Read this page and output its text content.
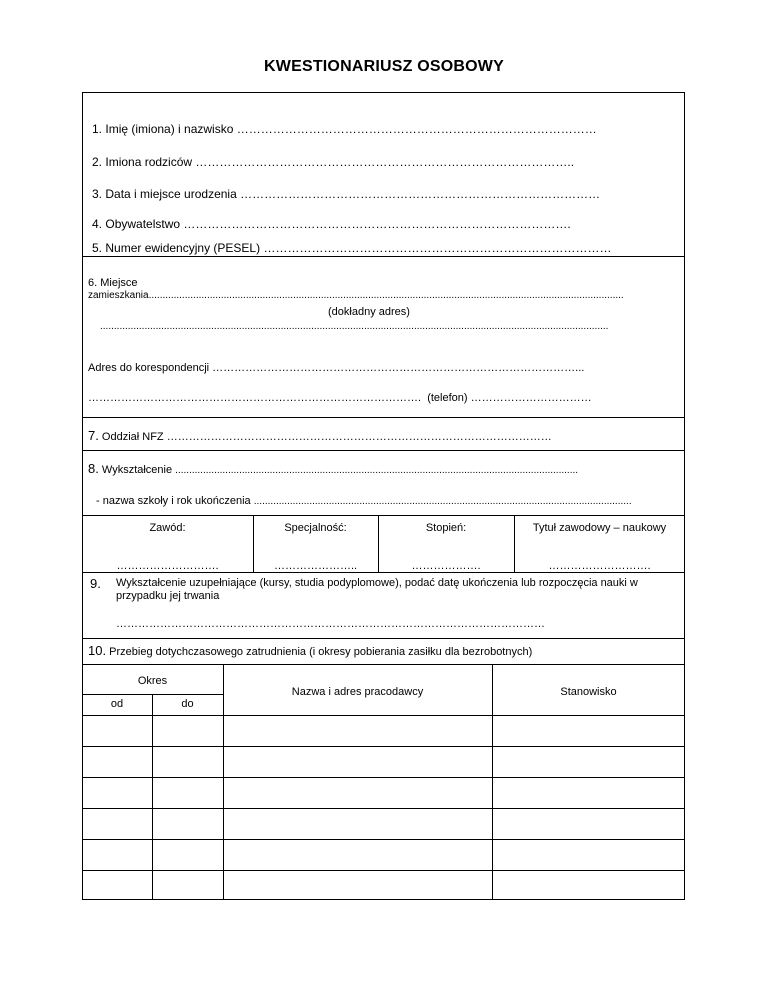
KWESTIONARIUSZ OSOBOWY
1. Imię (imiona) i nazwisko ………………………………………………………………………………
2. Imiona rodziców …………………………………………………………………………………..
3. Data i miejsce urodzenia ………………………………………………………………………………
4. Obywatelstwo …………………………………………………………………………………….
5. Numer ewidencyjny (PESEL) ……………………………………………………………………………
6. Miejsce
zamieszkania...........................................................................................................................................................................
(dokładny adres)
.......................................................................................................................................................................................
Adres do korespondencji ………………………………………………………………………………………...
………………………………………………………………………………. (telefon) ……………………………
7. Oddział NFZ ……………………………………………………………………………………………
8. Wykształcenie .................................................................................................................................................
- nazwa szkoły i rok ukończenia ........................................................................................................................................
Zawód:	Specjalność:	Stopień:	Tytuł zawodowy – naukowy
……………………….	…………………..	……………….	……………………….
9. Wykształcenie uzupełniające (kursy, studia podyplomowe), podać datę ukończenia lub rozpoczęcia nauki w
przypadku jej trwania
………………………………………………………………………………………………………
10. Przebieg dotychczasowego zatrudnienia (i okresy pobierania zasiłku dla bezrobotnych)
Okres
od	do
Nazwa i adres pracodawcy	Stanowisko
